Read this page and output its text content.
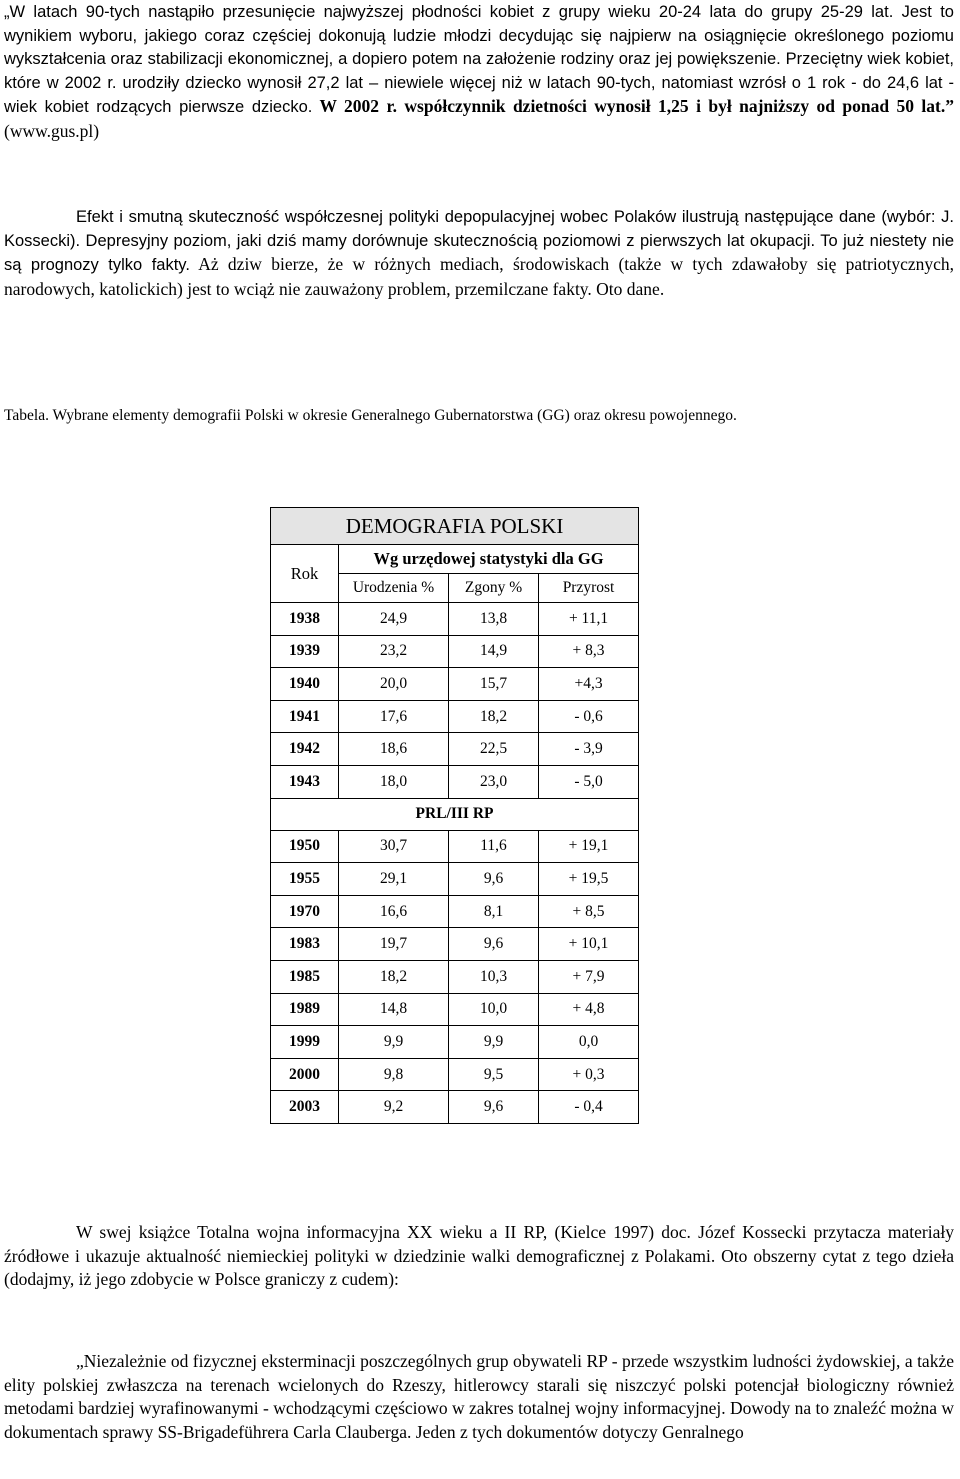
„W latach 90-tych nastąpiło przesunięcie najwyższej płodności kobiet z grupy wieku 20-24 lata do grupy 25-29 lat. Jest to wynikiem wyboru, jakiego coraz częściej dokonują ludzie młodzi decydując się najpierw na osiągnięcie określonego poziomu wykształcenia oraz stabilizacji ekonomicznej, a dopiero potem na założenie rodziny oraz jej powiększenie. Przeciętny wiek kobiet, które w 2002 r. urodziły dziecko wynosił 27,2 lat – niewiele więcej niż w latach 90-tych, natomiast wzrósł o 1 rok - do 24,6 lat - wiek kobiet rodzących pierwsze dziecko. W 2002 r. współczynnik dzietności wynosił 1,25 i był najniższy od ponad 50 lat.” (www.gus.pl)

Efekt i smutną skuteczność współczesnej polityki depopulacyjnej wobec Polaków ilustrują następujące dane (wybór: J. Kossecki). Depresyjny poziom, jaki dziś mamy dorównuje skutecznością poziomowi z pierwszych lat okupacji. To już niestety nie są prognozy tylko fakty. Aż dziw bierze, że w różnych mediach, środowiskach (także w tych zdawałoby się patriotycznych, narodowych, katolickich) jest to wciąż nie zauważony problem, przemilczane fakty. Oto dane.

Tabela. Wybrane elementy demografii Polski w okresie Generalnego Gubernatorstwa (GG) oraz okresu powojennego.
DEMOGRAFIA POLSKI			
Rok	Wg urzędowej statystyki dla GG		
	Urodzenia %	Zgony %	Przyrost
1938	24,9	13,8	+ 11,1
1939	23,2	14,9	+ 8,3
1940	20,0	15,7	+4,3
1941	17,6	18,2	- 0,6
1942	18,6	22,5	- 3,9
1943	18,0	23,0	- 5,0
PRL/III RP			
1950	30,7	11,6	+ 19,1
1955	29,1	9,6	+ 19,5
1970	16,6	8,1	+ 8,5
1983	19,7	9,6	+ 10,1
1985	18,2	10,3	+ 7,9
1989	14,8	10,0	+ 4,8
1999	9,9	9,9	0,0
2000	9,8	9,5	+ 0,3
2003	9,2	9,6	- 0,4

W swej książce Totalna wojna informacyjna XX wieku a II RP, (Kielce 1997) doc. Józef Kossecki przytacza materiały źródłowe i ukazuje aktualność niemieckiej polityki w dziedzinie walki demograficznej z Polakami. Oto obszerny cytat z tego dzieła (dodajmy, iż jego zdobycie w Polsce graniczy z cudem):

„Niezależnie od fizycznej eksterminacji poszczególnych grup obywateli RP - przede wszystkim ludności żydowskiej, a także elity polskiej zwłaszcza na terenach wcielonych do Rzeszy, hitlerowcy starali się niszczyć polski potencjał biologiczny również metodami bardziej wyrafinowanymi - wchodzącymi częściowo w zakres totalnej wojny informacyjnej. Dowody na to znaleźć można w dokumentach sprawy SS-Brigadeführera Carla Clauberga. Jeden z tych dokumentów dotyczy Genralnego
